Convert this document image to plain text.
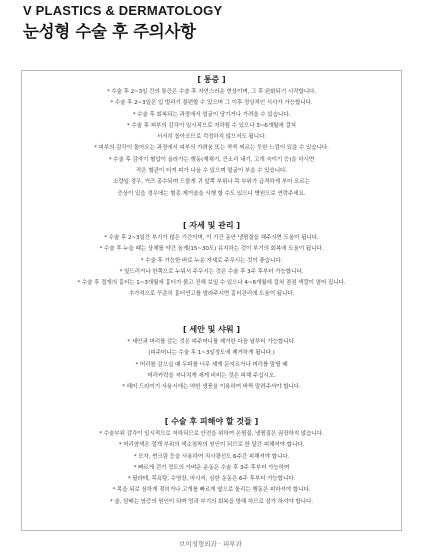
V PLASTICS & DERMATOLOGY
눈성형 수술 후 주의사항
[ 통증 ]
* 수술 후 2~3일 간의 통증은 수술 후 자연스러운 현상이며, 그 후 완화되기 시작합니다.
* 수술 후 2~3일은 입 벌리기 불편할 수 있으며 그 이후 정상적인 식사가 가능합니다.
* 수술 후 회복되는 과정에서 얼굴이 당기거나 가려울 수 있습니다.
* 수술 후 피부의 감각이 일시적으로 저하될 수 있으나 3~6개월에 걸쳐
서서히 돌아오므로 걱정하지 않으셔도 됩니다.
* 피부의 감각이 돌아오는 과정에서 피부의 가려움 또는 콕콕 찌르는 듯한 느낌이 있을 수 있습니다.
* 수술 후 감자기 혈압이 올라가는 행동(재채기, 큰소리 내기, 고개 숙이기 등)을 하시면
작은 혈관이 터져 피가 나올 수 있으며 얼굴이 부을 수 있습니다.
소량일 경우, 거즈 종수되며 드물게 귀 앞쪽 부위나 목 부위가 급격하게 부어 오르는
증상이 있을 경우에는 혈종 제거술을 시행 할 수도 있으니 병원으로 연락주세요.
[ 자세 및 관리 ]
* 수술 후 2~3일간 부기가 많은 기간이며, 이 기간 동안 냉찜질을 해주시면 도움이 됩니다.
* 수술 후 누을 때는 상체를 약간 높게(15~30도) 유지하는 것이 부기의 회복에 도움이 됩니다.
* 수술 후 가능한 바로 누운 자세로 주무시는 것이 좋습니다.
* 엎드리거나 한쪽으로 누워서 주무시는 것은 수술 후 3주 후부터 가능합니다.
* 수술 후 절개의 흉터는 1~3개월에 흉터가 붉고 진해 보일 수 있으나 4~6개월에 걸쳐 점점 색깔이 옅어 집니다.
추가적으로 꾸준히 흉터연고를 발라주시면 흉터관리에 도움이 됩니다.
[ 세안 및 샤워 ]
* 세안과 머리를 감는 것은 피주머니를 제거한 다음 날부터 가능합니다.
(피주머니는 수술 후 1~3일정도에 제거하게 됩니다.)
* 머리를 감으실 때 두피를 너무 세게 문지르거나 머리를 말릴 때
머리카락을 지나치게 세게 비비는 것은 피해 주십시오.
* 헤어 드라이기 사용시에는 약한 냉풍을 이용하여 바짝 말려주셔야 합니다.
[ 수술 후 피해야 할 것들 ]
* 수술부위 감각이 일시적으로 저하되므로 안전을 위하여 온찜질, 냉찜질은 권장하지 않습니다.
* 머리염색은 절개 부위의 색소침착의 원인이 되므로 한 달간 피해셔야 합니다.
* 모자, 썬크림 등을 사용하여 직사광선도 6주간 피해셔야 합니다.
* 빠르게 걷기 정도의 가벼운 운동은 수술 후 3주 후부터 가능하며
* 필라테, 목욕탕, 수영장, 마사지, 심한 운동은 6주 후부터 가능합니다.
* 목을 뒤로 심하게 젖히거나 고개를 빠르게 옆으로 돌리는 행동은 피하셔야 합니다.
* 술, 담배는 염증의 원인이 되며 멍과 부기의 회복을 방해 하므로 삼가 하셔야 합니다.
브이성형외과 · 피부과
